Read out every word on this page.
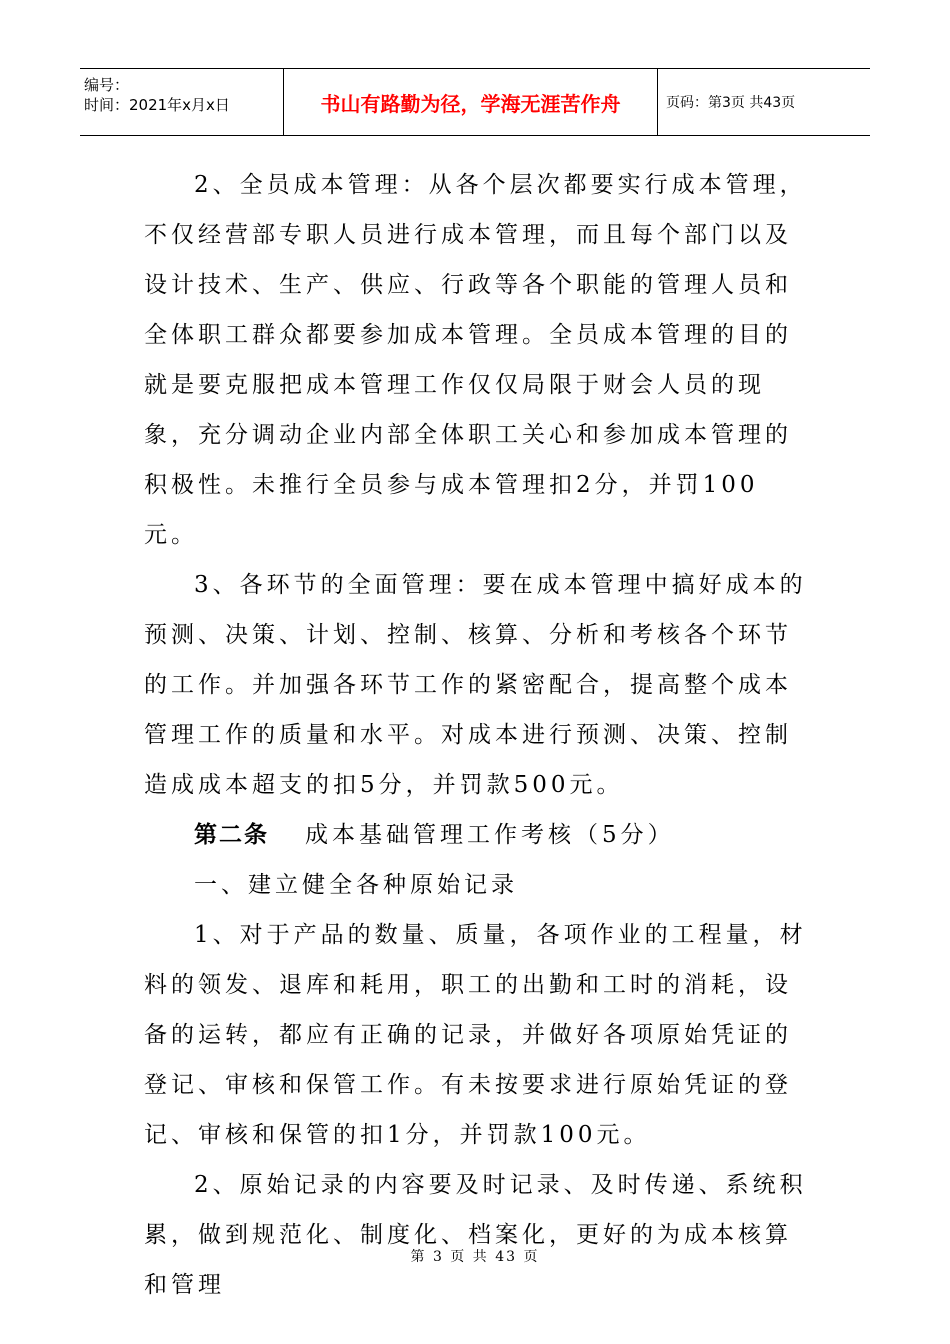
编号：
时间：2021年x月x日	书山有路勤为径，学海无涯苦作舟	页码：第3页 共43页

2、全员成本管理：从各个层次都要实行成本管理，不仅经营部专职人员进行成本管理，而且每个部门以及设计技术、生产、供应、行政等各个职能的管理人员和全体职工群众都要参加成本管理。全员成本管理的目的就是要克服把成本管理工作仅仅局限于财会人员的现象，充分调动企业内部全体职工关心和参加成本管理的积极性。未推行全员参与成本管理扣2分，并罚100元。

3、各环节的全面管理：要在成本管理中搞好成本的预测、决策、计划、控制、核算、分析和考核各个环节的工作。并加强各环节工作的紧密配合，提高整个成本管理工作的质量和水平。对成本进行预测、决策、控制造成成本超支的扣5分，并罚款500元。

第二条 成本基础管理工作考核（5分）

一、建立健全各种原始记录

1、对于产品的数量、质量，各项作业的工程量，材料的领发、退库和耗用，职工的出勤和工时的消耗，设备的运转，都应有正确的记录，并做好各项原始凭证的登记、审核和保管工作。有未按要求进行原始凭证的登记、审核和保管的扣1分，并罚款100元。

2、原始记录的内容要及时记录、及时传递、系统积累，做到规范化、制度化、档案化，更好的为成本核算和管理

第 3 页 共 43 页
